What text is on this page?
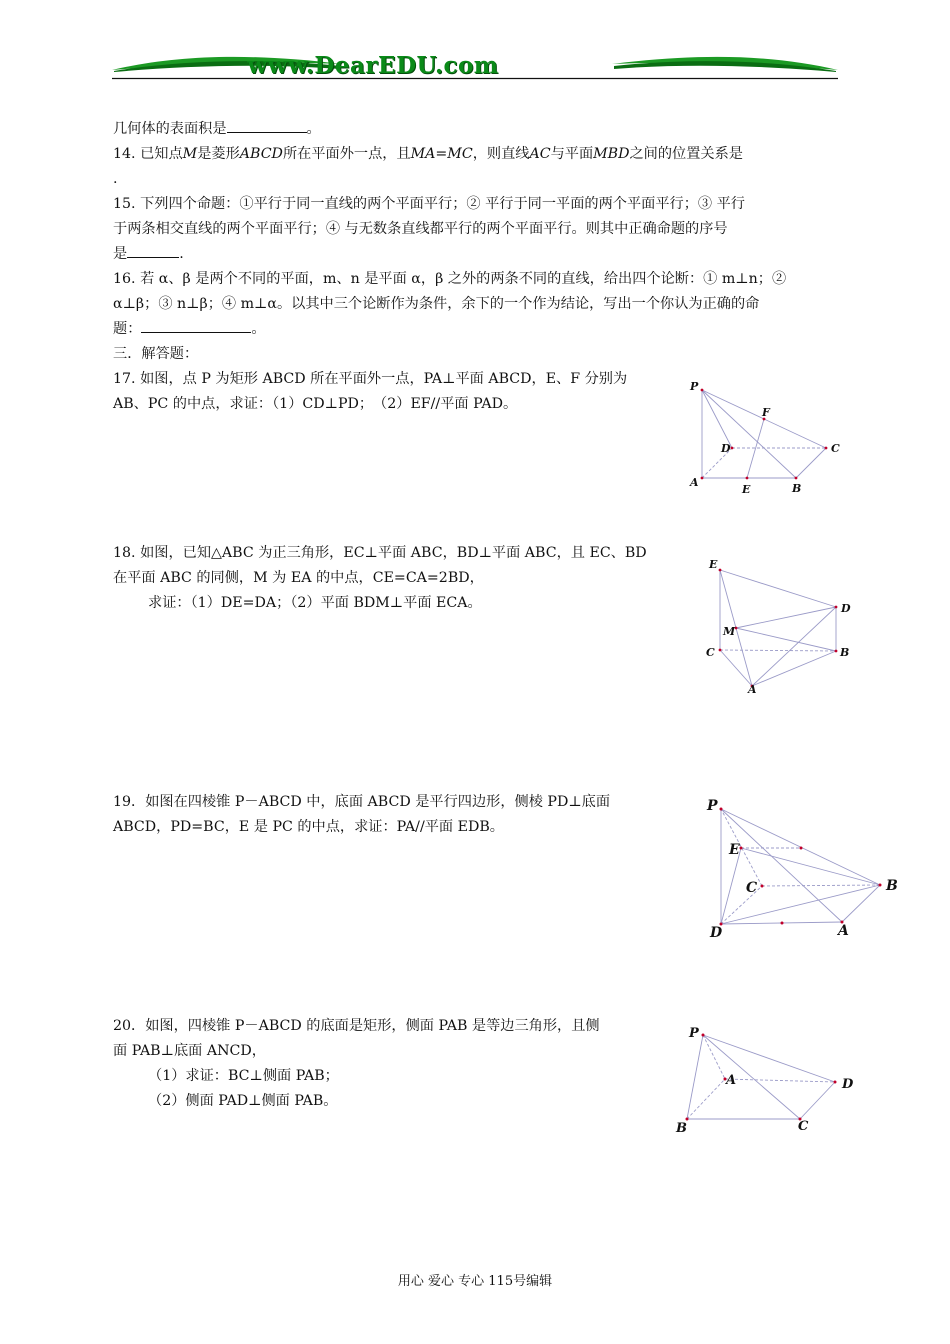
www.DearEDU.com

几何体的表面积是	。

14. 已知点M是菱形ABCD所在平面外一点，且MA=MC，则直线AC与平面MBD之间的位置关系是

.

15. 下列四个命题：①平行于同一直线的两个平面平行；② 平行于同一平面的两个平面平行；③ 平行

于两条相交直线的两个平面平行；④ 与无数条直线都平行的两个平面平行。则其中正确命题的序号

是	.

16. 若 α、β 是两个不同的平面，m、n 是平面 α，β 之外的两条不同的直线，给出四个论断：① m⊥n；②

α⊥β；③ n⊥β；④ m⊥α。以其中三个论断作为条件，余下的一个作为结论，写出一个你认为正确的命

题：	。

三．解答题：

17. 如图，点 P 为矩形 ABCD 所在平面外一点，PA⊥平面 ABCD，E、F 分别为

AB、PC 的中点，求证：（1）CD⊥PD；　（2）EF//平面 PAD。

P
F
D	C
A
E	B

18. 如图，已知△ABC 为正三角形，EC⊥平面 ABC，BD⊥平面 ABC，且 EC、BD

在平面 ABC 的同侧，M 为 EA 的中点，CE=CA=2BD，

求证：（1）DE=DA；（2）平面 BDM⊥平面 ECA。

E
D
M
C	B
A

19．如图在四棱锥 P－ABCD 中，底面 ABCD 是平行四边形，侧棱 PD⊥底面

ABCD，PD=BC，E 是 PC 的中点，求证：PA//平面 EDB。

P
E
C	B
D	A

20．如图，四棱锥 P－ABCD 的底面是矩形，侧面 PAB 是等边三角形，且侧

面 PAB⊥底面 ANCD，

（1）求证：BC⊥侧面 PAB；

（2）侧面 PAD⊥侧面 PAB。

P
A	D
B	C
用心 爱心 专心 115号编辑
